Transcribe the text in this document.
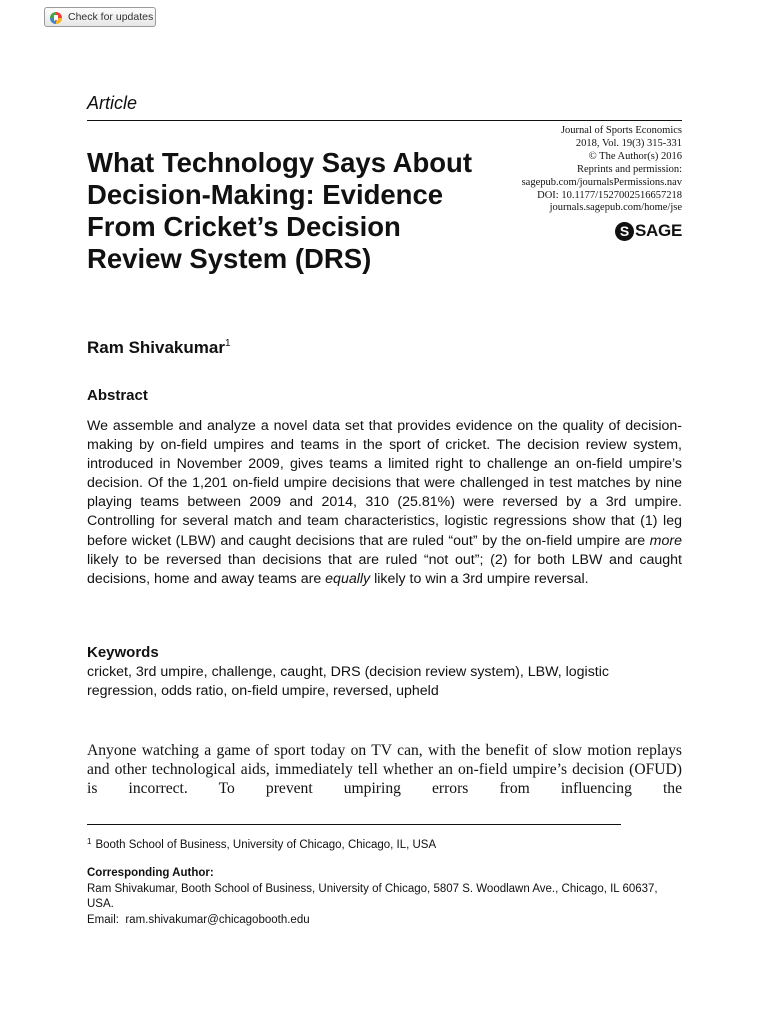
Check for updates
Article
Journal of Sports Economics
2018, Vol. 19(3) 315-331
© The Author(s) 2016
Reprints and permission:
sagepub.com/journalsPermissions.nav
DOI: 10.1177/1527002516657218
journals.sagepub.com/home/jse
S SAGE
What Technology Says About Decision-Making: Evidence From Cricket’s Decision Review System (DRS)
Ram Shivakumar$^1$
Abstract

We assemble and analyze a novel data set that provides evidence on the quality of decision-making by on-field umpires and teams in the sport of cricket. The decision review system, introduced in November 2009, gives teams a limited right to challenge an on-field umpire’s decision. Of the 1,201 on-field umpire decisions that were challenged in test matches by nine playing teams between 2009 and 2014, 310 (25.81%) were reversed by a 3rd umpire. Controlling for several match and team characteristics, logistic regressions show that (1) leg before wicket (LBW) and caught decisions that are ruled “out” by the on-field umpire are more likely to be reversed than decisions that are ruled “not out”; (2) for both LBW and caught decisions, home and away teams are equally likely to win a 3rd umpire reversal.

Keywords

cricket, 3rd umpire, challenge, caught, DRS (decision review system), LBW, logistic regression, odds ratio, on-field umpire, reversed, upheld

Anyone watching a game of sport today on TV can, with the benefit of slow motion replays and other technological aids, immediately tell whether an on-field umpire’s decision (OFUD) is incorrect. To prevent umpiring errors from influencing the

$^1$ Booth School of Business, University of Chicago, Chicago, IL, USA
Corresponding Author:
Ram Shivakumar, Booth School of Business, University of Chicago, 5807 S. Woodlawn Ave., Chicago, IL 60637, USA.
Email: ram.shivakumar@chicagobooth.edu
